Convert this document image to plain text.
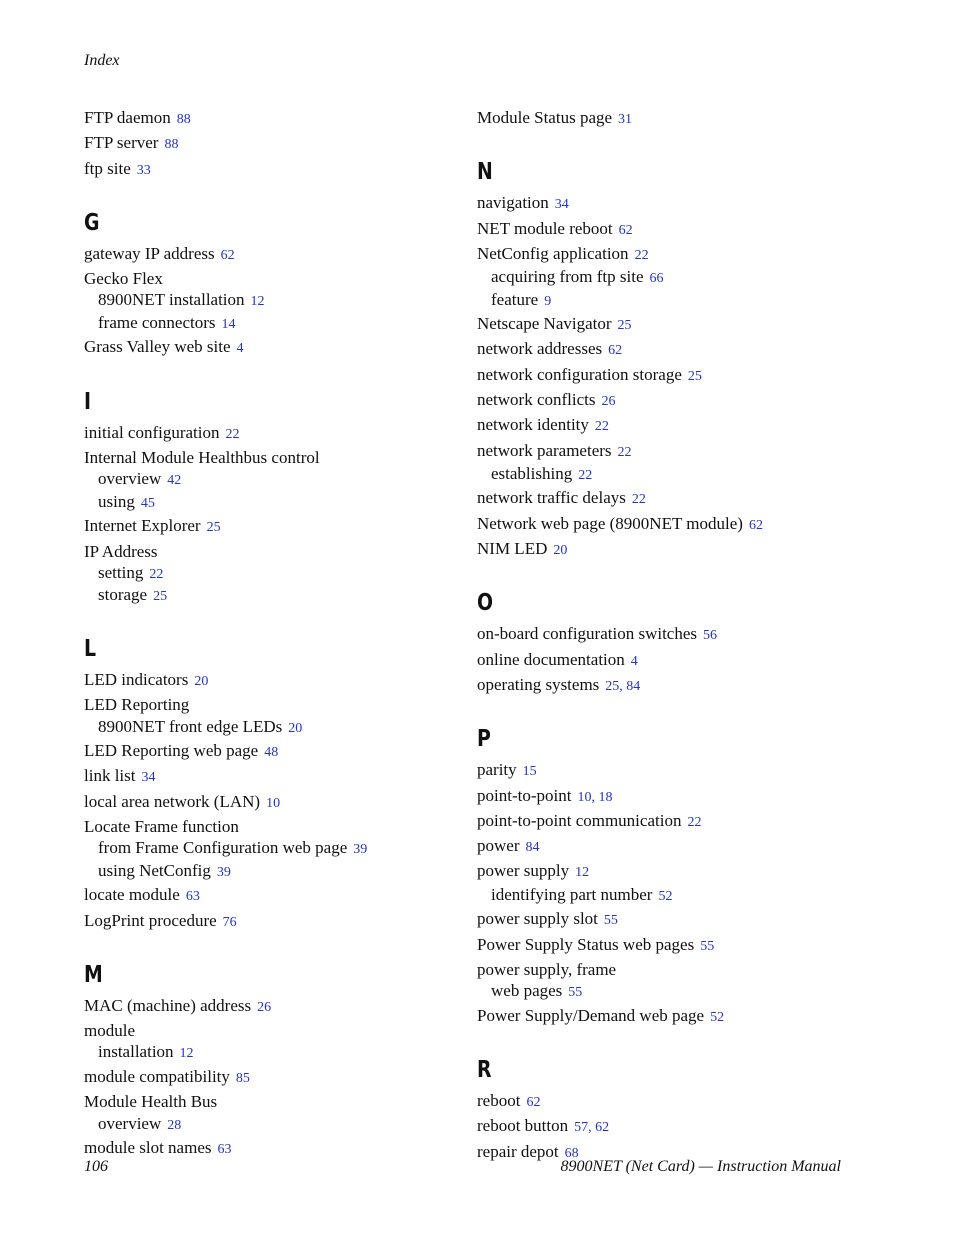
Index
FTP daemon 88
FTP server 88
ftp site 33
G
gateway IP address 62
Gecko Flex
8900NET installation 12
frame connectors 14
Grass Valley web site 4
I
initial configuration 22
Internal Module Healthbus control
overview 42
using 45
Internet Explorer 25
IP Address
setting 22
storage 25
L
LED indicators 20
LED Reporting
8900NET front edge LEDs 20
LED Reporting web page 48
link list 34
local area network (LAN) 10
Locate Frame function
from Frame Configuration web page 39
using NetConfig 39
locate module 63
LogPrint procedure 76
M
MAC (machine) address 26
module
installation 12
module compatibility 85
Module Health Bus
overview 28
module slot names 63
Module Status page 31
N
navigation 34
NET module reboot 62
NetConfig application 22
acquiring from ftp site 66
feature 9
Netscape Navigator 25
network addresses 62
network configuration storage 25
network conflicts 26
network identity 22
network parameters 22
establishing 22
network traffic delays 22
Network web page (8900NET module) 62
NIM LED 20
O
on-board configuration switches 56
online documentation 4
operating systems 25, 84
P
parity 15
point-to-point 10, 18
point-to-point communication 22
power 84
power supply 12
identifying part number 52
power supply slot 55
Power Supply Status web pages 55
power supply, frame
web pages 55
Power Supply/Demand web page 52
R
reboot 62
reboot button 57, 62
repair depot 68
106	8900NET (Net Card) — Instruction Manual
